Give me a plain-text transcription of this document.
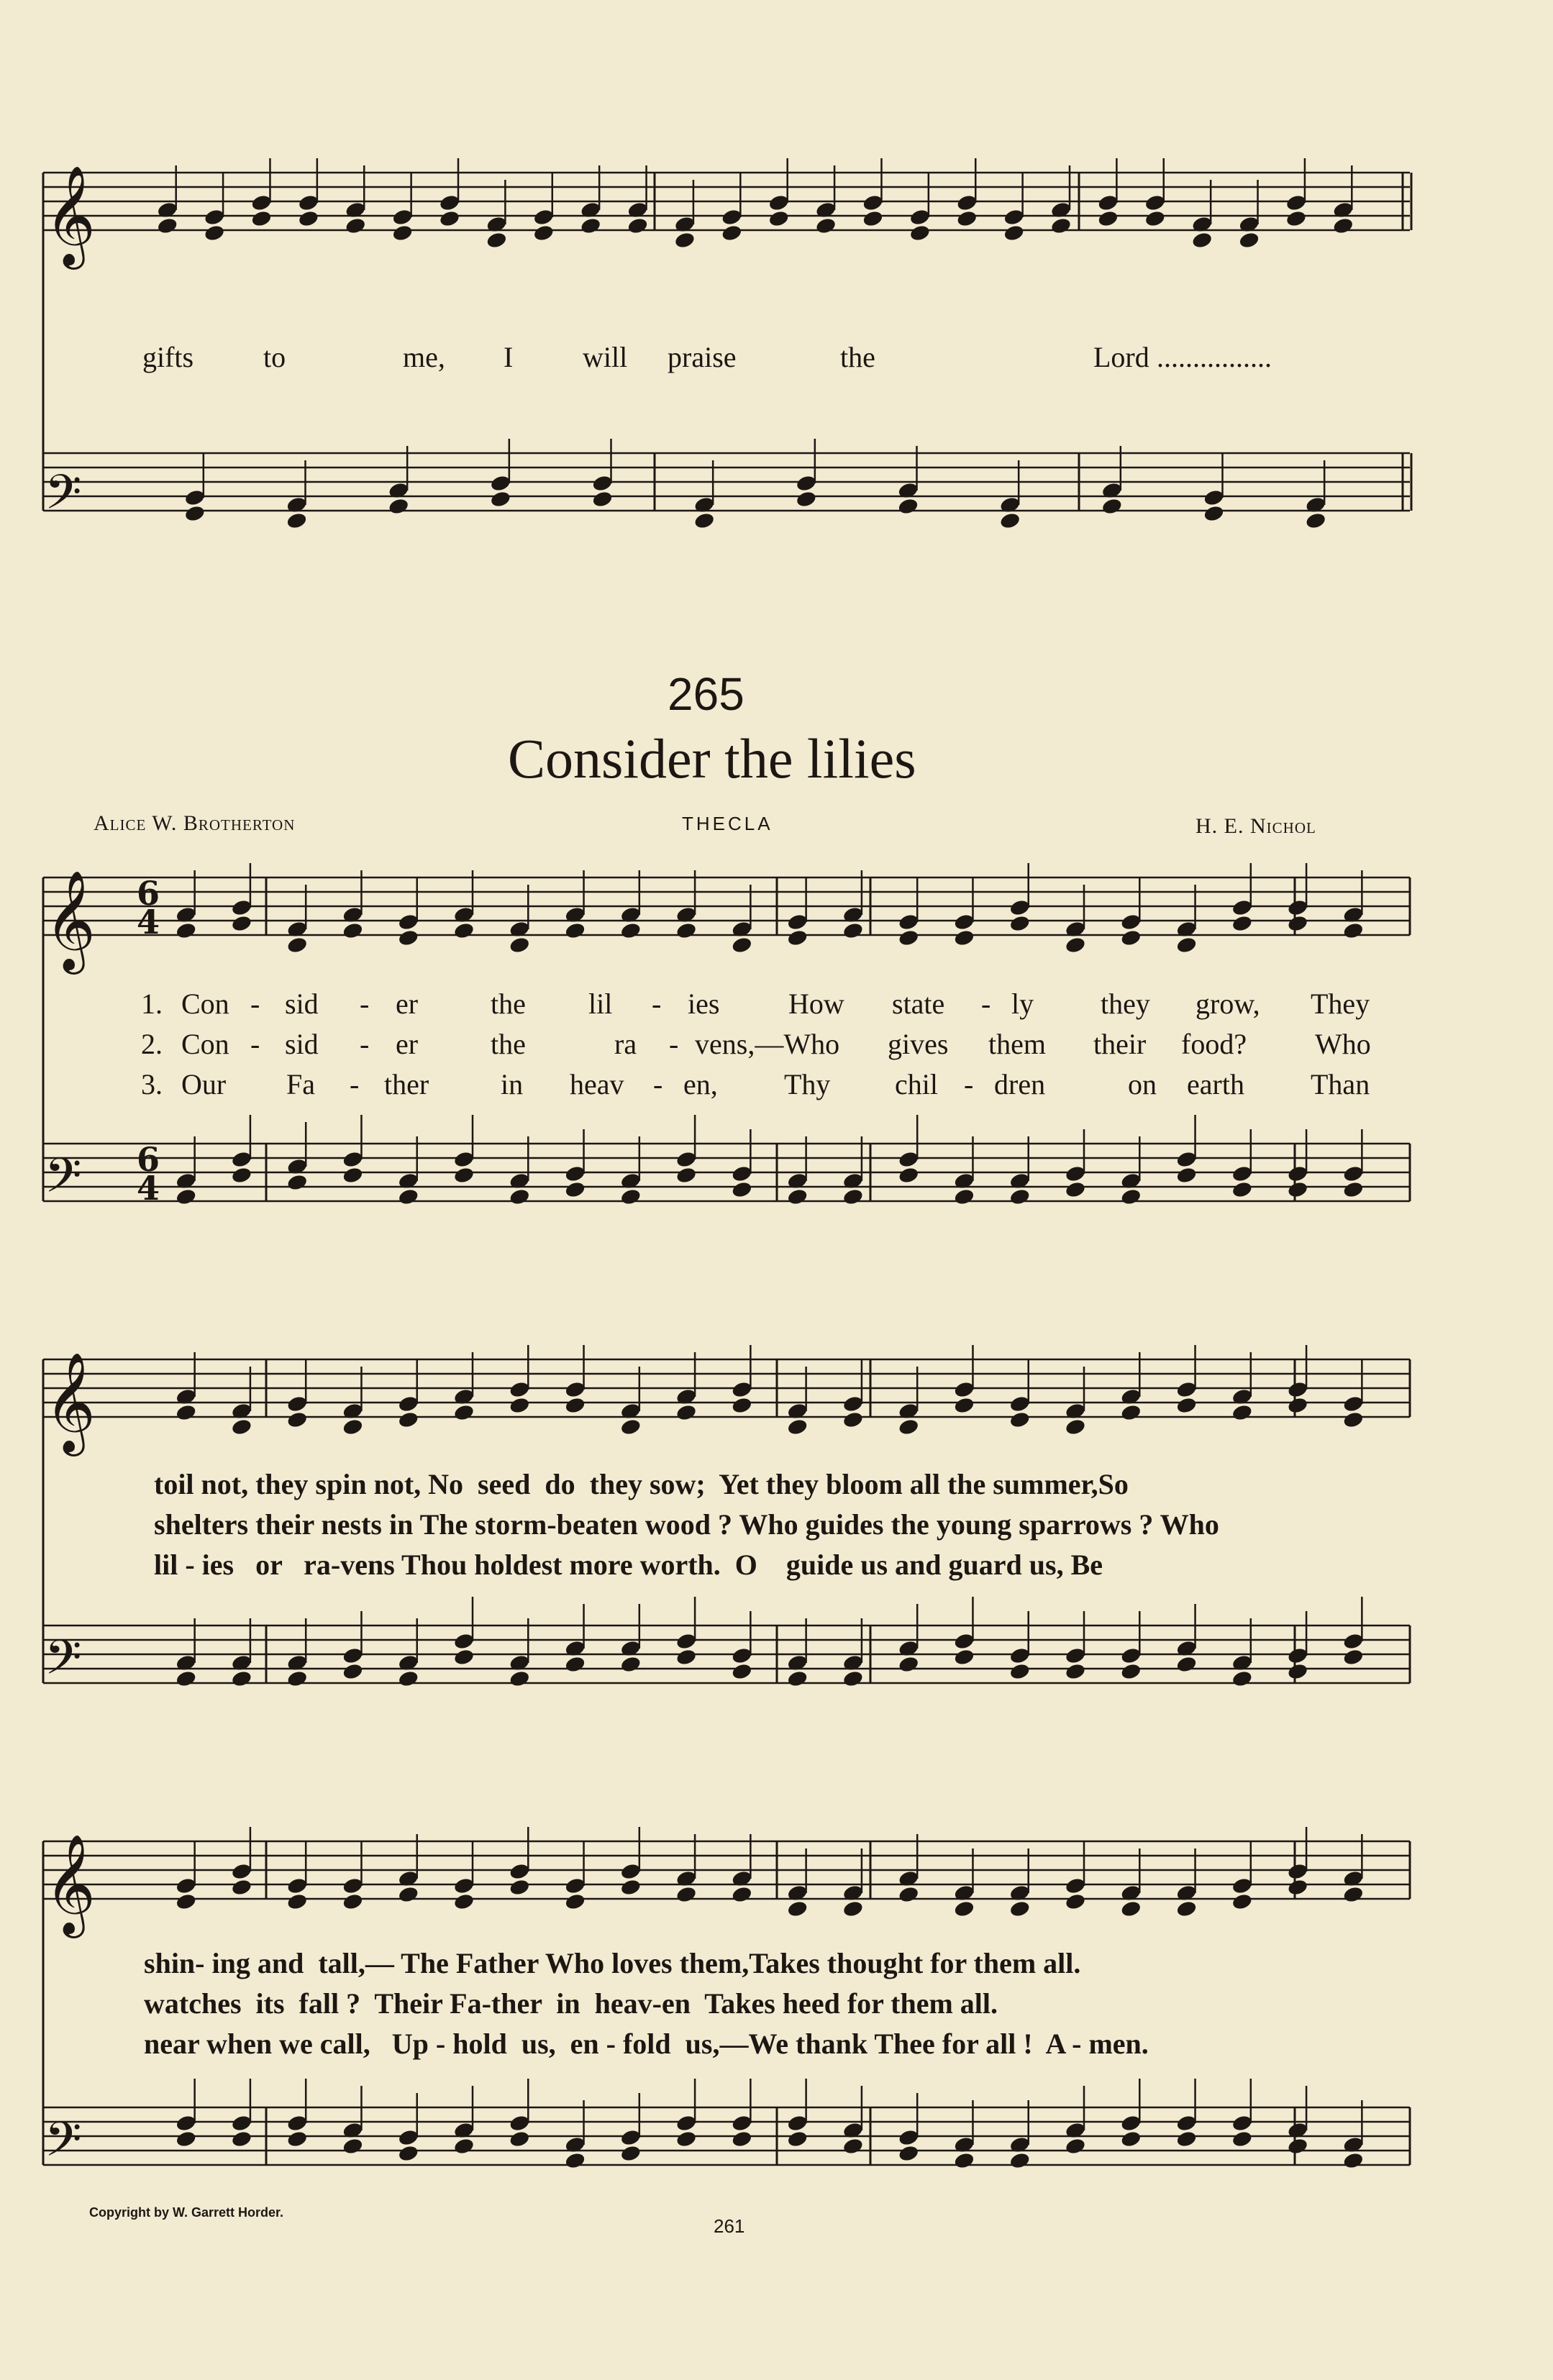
𝄞
𝄢
𝄞
𝄢
6
4
6
4
𝄞
𝄢
𝄞
𝄢
gifts to	me, I will praise	the	Lord ................
265
Consider the lilies
Alice W. Brotherton	THECLA	H. E. Nichol
1. Con - sid - er	the lil - ies How state - ly they grow, They
2. Con - sid - er	the	ra - vens,—Who gives them their food? Who
3. Our Fa - ther in heav - en, Thy chil - dren	on earth Than
toil not, they spin not, No  seed  do  they sow;  Yet they bloom all the summer,So
shelters their nests in The storm-beaten wood ? Who guides the young sparrows ? Who
lil - ies   or   ra-vens Thou holdest more worth.  O    guide us and guard us, Be
shin- ing and  tall,— The Father Who loves them,Takes thought for them all.
watches  its  fall ?  Their Fa-ther  in  heav-en  Takes heed for them all.
near when we call,   Up - hold  us,  en - fold  us,—We thank Thee for all !  A - men.
Copyright by W. Garrett Horder.
261
